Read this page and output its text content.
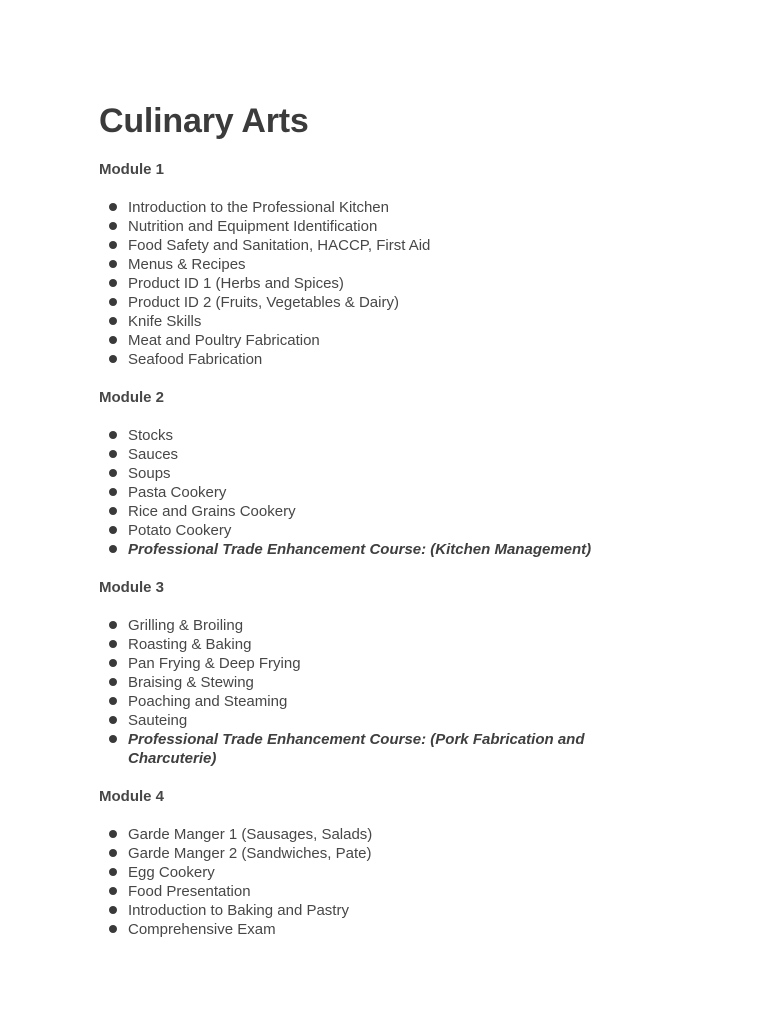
Culinary Arts
Module 1
Introduction to the Professional Kitchen
Nutrition and Equipment Identification
Food Safety and Sanitation, HACCP, First Aid
Menus & Recipes
Product ID 1 (Herbs and Spices)
Product ID 2 (Fruits, Vegetables & Dairy)
Knife Skills
Meat and Poultry Fabrication
Seafood Fabrication
Module 2
Stocks
Sauces
Soups
Pasta Cookery
Rice and Grains Cookery
Potato Cookery
Professional Trade Enhancement Course: (Kitchen Management)
Module 3
Grilling & Broiling
Roasting & Baking
Pan Frying & Deep Frying
Braising & Stewing
Poaching and Steaming
Sauteing
Professional Trade Enhancement Course: (Pork Fabrication and Charcuterie)
Module 4
Garde Manger 1 (Sausages, Salads)
Garde Manger 2 (Sandwiches, Pate)
Egg Cookery
Food Presentation
Introduction to Baking and Pastry
Comprehensive Exam
